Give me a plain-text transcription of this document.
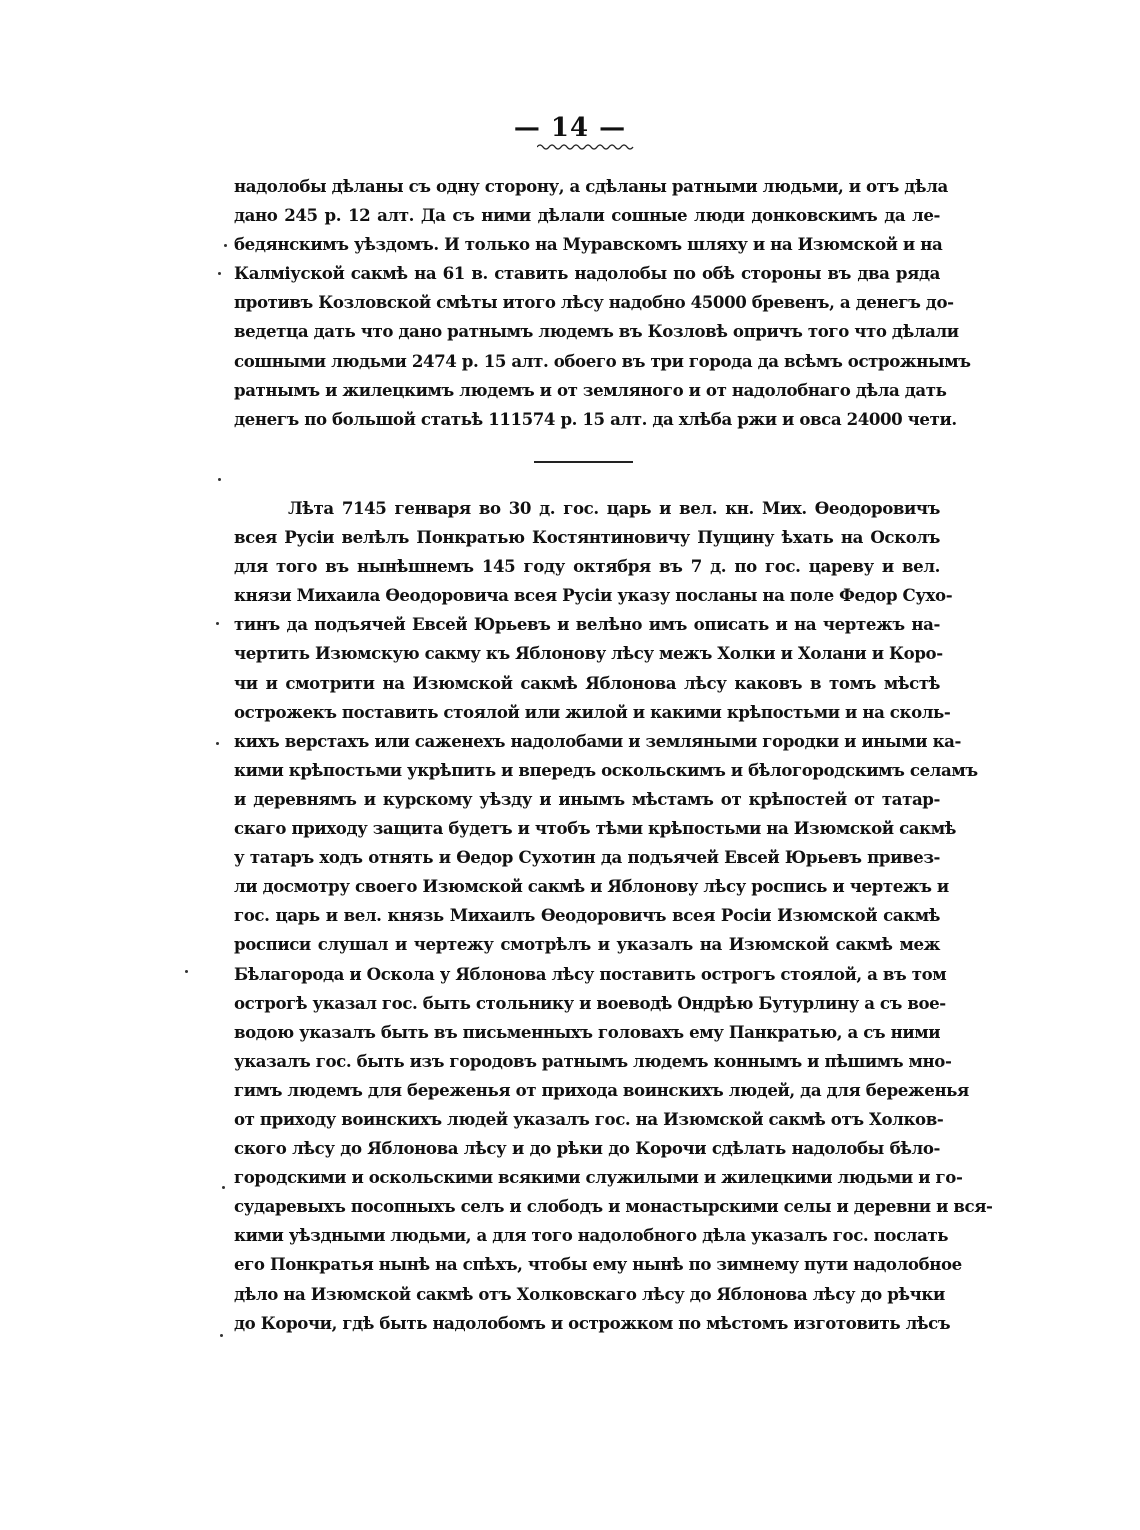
— 14 —
надолобы дѣланы съ одну сторону, а сдѣланы ратными людьми, и отъ дѣла
дано 245 р. 12 алт. Да съ ними дѣлали сошные люди донковскимъ да ле-
бедянскимъ уѣздомъ. И только на Муравскомъ шляху и на Изюмской и на
Калміуской сакмѣ на 61 в. ставить надолобы по обѣ стороны въ два ряда
противъ Козловской смѣты итого лѣсу надобно 45000 бревенъ, а денегъ до-
ведетца дать что дано ратнымъ людемъ въ Козловѣ опричъ того что дѣлали
сошными людьми 2474 р. 15 алт. обоего въ три города да всѣмъ острожнымъ
ратнымъ и жилецкимъ людемъ и от земляного и от надолобнаго дѣла дать
денегъ по большой статьѣ 111574 р. 15 алт. да хлѣба ржи и овса 24000 чети.
Лѣта 7145 генваря во 30 д. гос. царь и вел. кн. Мих. Ѳеодоровичъ
всея Русіи велѣлъ Понкратью Костянтиновичу Пущину ѣхать на Осколъ
для того въ нынѣшнемъ 145 году октября въ 7 д. по гос. цареву и вел.
князи Михаила Ѳеодоровича всея Русіи указу посланы на поле Федор Сухо-
тинъ да подъячей Евсей Юрьевъ и велѣно имъ описать и на чертежъ на-
чертить Изюмскую сакму къ Яблонову лѣсу межъ Холки и Холани и Коро-
чи и смотрити на Изюмской сакмѣ Яблонова лѣсу каковъ в томъ мѣстѣ
острожекъ поставить стоялой или жилой и какими крѣпостьми и на сколь-
кихъ верстахъ или саженехъ надолобами и земляными городки и иными ка-
кими крѣпостьми укрѣпить и впередъ оскольскимъ и бѣлогородскимъ селамъ
и деревнямъ и курскому уѣзду и инымъ мѣстамъ от крѣпостей от татар-
скаго приходу защита будетъ и чтобъ тѣми крѣпостьми на Изюмской сакмѣ
у татаръ ходъ отнять и Ѳедор Сухотин да подъячей Евсей Юрьевъ привез-
ли досмотру своего Изюмской сакмѣ и Яблонову лѣсу роспись и чертежъ и
гос. царь и вел. князь Михаилъ Ѳеодоровичъ всея Росіи Изюмской сакмѣ
росписи слушал и чертежу смотрѣлъ и указалъ на Изюмской сакмѣ меж
Бѣлагорода и Оскола у Яблонова лѣсу поставить острогъ стоялой, а въ том
острогѣ указал гос. быть стольнику и воеводѣ Ондрѣю Бутурлину а съ вое-
водою указалъ быть въ письменныхъ головахъ ему Панкратью, а съ ними
указалъ гос. быть изъ городовъ ратнымъ людемъ коннымъ и пѣшимъ мно-
гимъ людемъ для береженья от прихода воинскихъ людей, да для береженья
от приходу воинскихъ людей указалъ гос. на Изюмской сакмѣ отъ Холков-
ского лѣсу до Яблонова лѣсу и до рѣки до Корочи сдѣлать надолобы бѣло-
городскими и оскольскими всякими служилыми и жилецкими людьми и го-
сударевыхъ посопныхъ селъ и слободъ и монастырскими селы и деревни и вся-
кими уѣздными людьми, а для того надолобного дѣла указалъ гос. послать
его Понкратья нынѣ на спѣхъ, чтобы ему нынѣ по зимнему пути надолобное
дѣло на Изюмской сакмѣ отъ Холковскаго лѣсу до Яблонова лѣсу до рѣчки
до Корочи, гдѣ быть надолобомъ и острожком по мѣстомъ изготовить лѣсъ
